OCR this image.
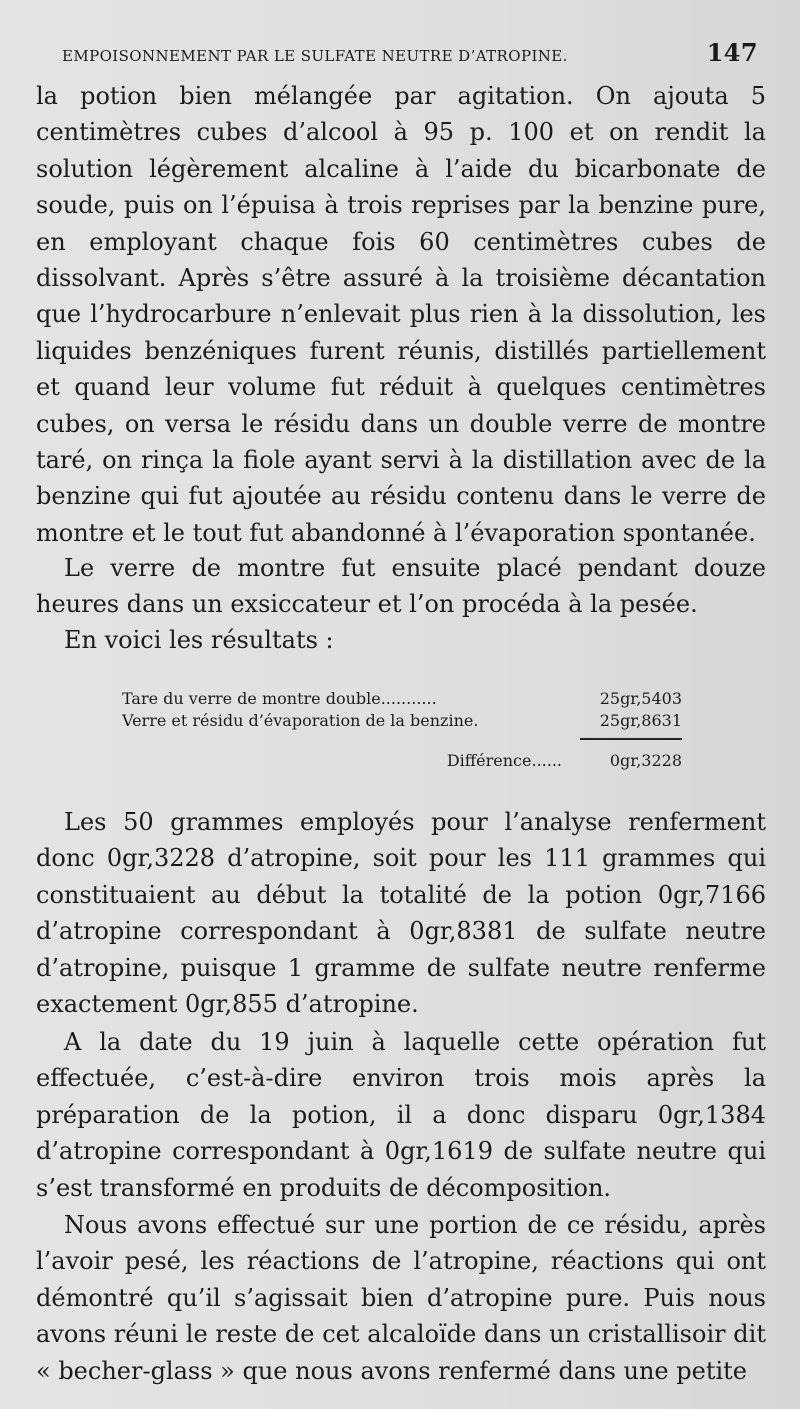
EMPOISONNEMENT PAR LE SULFATE NEUTRE D’ATROPINE.	147

la potion bien mélangée par agitation. On ajouta 5 centimètres cubes d’alcool à 95 p. 100 et on rendit la solution légèrement alcaline à l’aide du bicarbonate de soude, puis on l’épuisa à trois reprises par la benzine pure, en employant chaque fois 60 centimètres cubes de dissolvant. Après s’être assuré à la troisième décantation que l’hydrocarbure n’enlevait plus rien à la dissolution, les liquides benzéniques furent réunis, distillés partiellement et quand leur volume fut réduit à quelques centimètres cubes, on versa le résidu dans un double verre de montre taré, on rinça la fiole ayant servi à la distillation avec de la benzine qui fut ajoutée au résidu contenu dans le verre de montre et le tout fut abandonné à l’évaporation spontanée.

Le verre de montre fut ensuite placé pendant douze heures dans un exsiccateur et l’on procéda à la pesée.

En voici les résultats :

Tare du verre de montre double...........	25gr,5403
Verre et résidu d’évaporation de la benzine.	25gr,8631
Différence......	0gr,3228

Les 50 grammes employés pour l’analyse renferment donc 0gr,3228 d’atropine, soit pour les 111 grammes qui constituaient au début la totalité de la potion 0gr,7166 d’atropine correspondant à 0gr,8381 de sulfate neutre d’atropine, puisque 1 gramme de sulfate neutre renferme exactement 0gr,855 d’atropine.

A la date du 19 juin à laquelle cette opération fut effectuée, c’est-à-dire environ trois mois après la préparation de la potion, il a donc disparu 0gr,1384 d’atropine correspondant à 0gr,1619 de sulfate neutre qui s’est transformé en produits de décomposition.

Nous avons effectué sur une portion de ce résidu, après l’avoir pesé, les réactions de l’atropine, réactions qui ont démontré qu’il s’agissait bien d’atropine pure. Puis nous avons réuni le reste de cet alcaloïde dans un cristallisoir dit « becher-glass » que nous avons renfermé dans une petite
